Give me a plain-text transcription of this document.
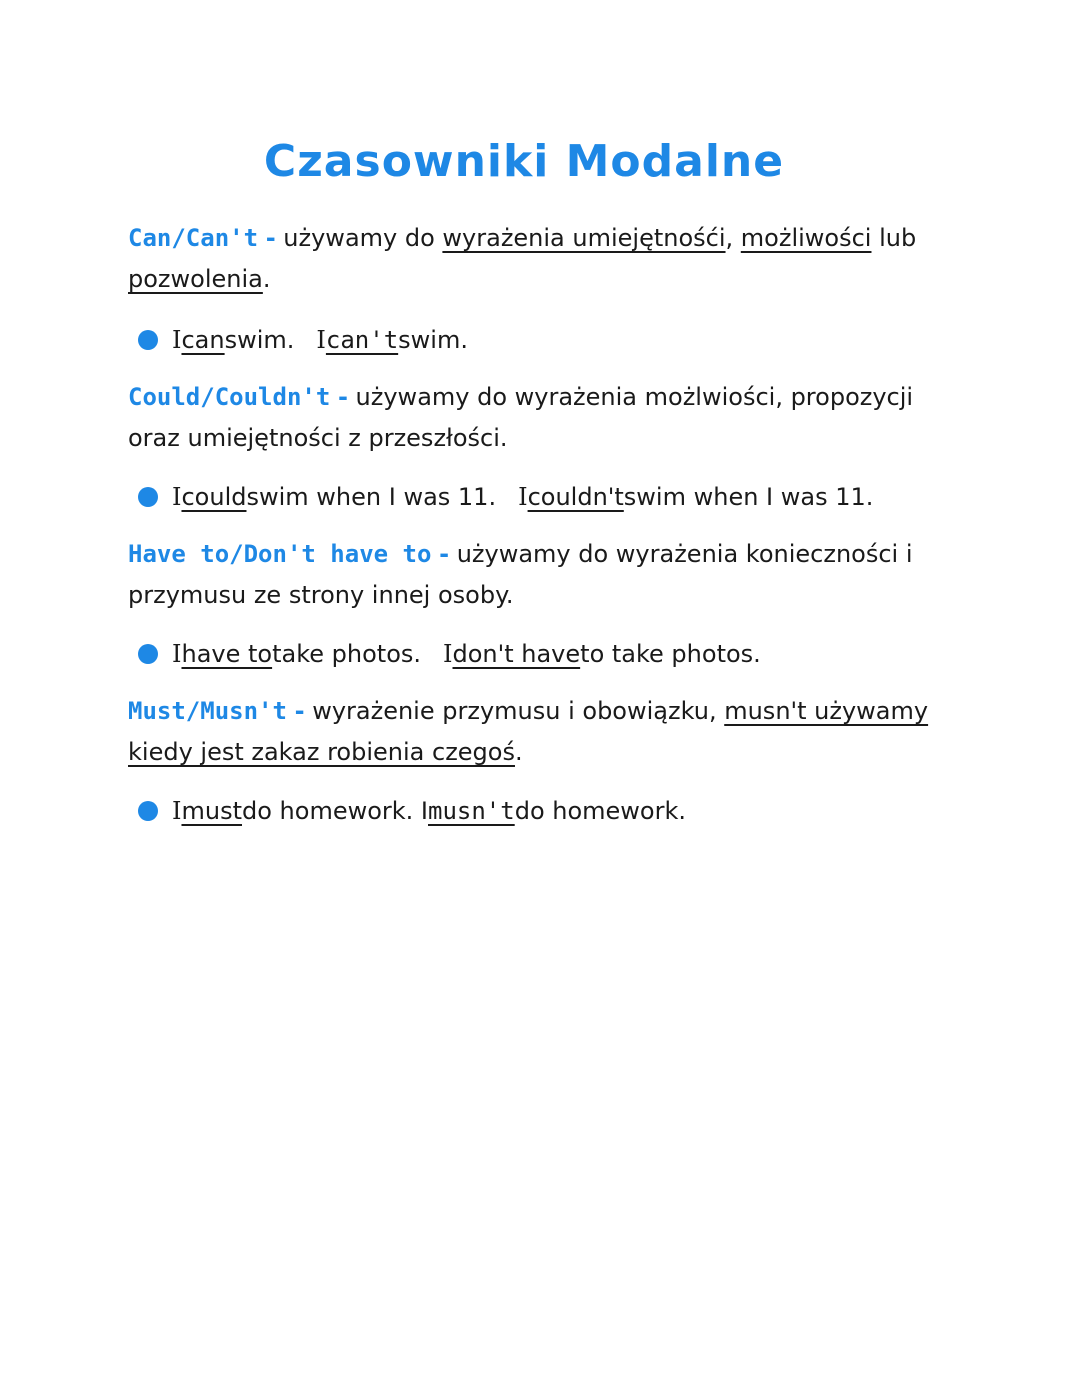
Czasowniki Modalne

Can/Can't - używamy do wyrażenia umiejętnośći, możliwości lub
pozwolenia.

I can swim. I can't swim.

Could/Couldn't - używamy do wyrażenia możlwiości, propozycji oraz umiejętności z przeszłości.

I could swim when I was 11. I couldn't swim when I was 11.

Have to/Don't have to - używamy do wyrażenia konieczności i przymusu ze strony innej osoby.

I have to take photos. I don't have to take photos.

Must/Musn't - wyrażenie przymusu i obowiązku, musn't używamy kiedy jest zakaz robienia czegoś.

I must do homework. I musn't do homework.
